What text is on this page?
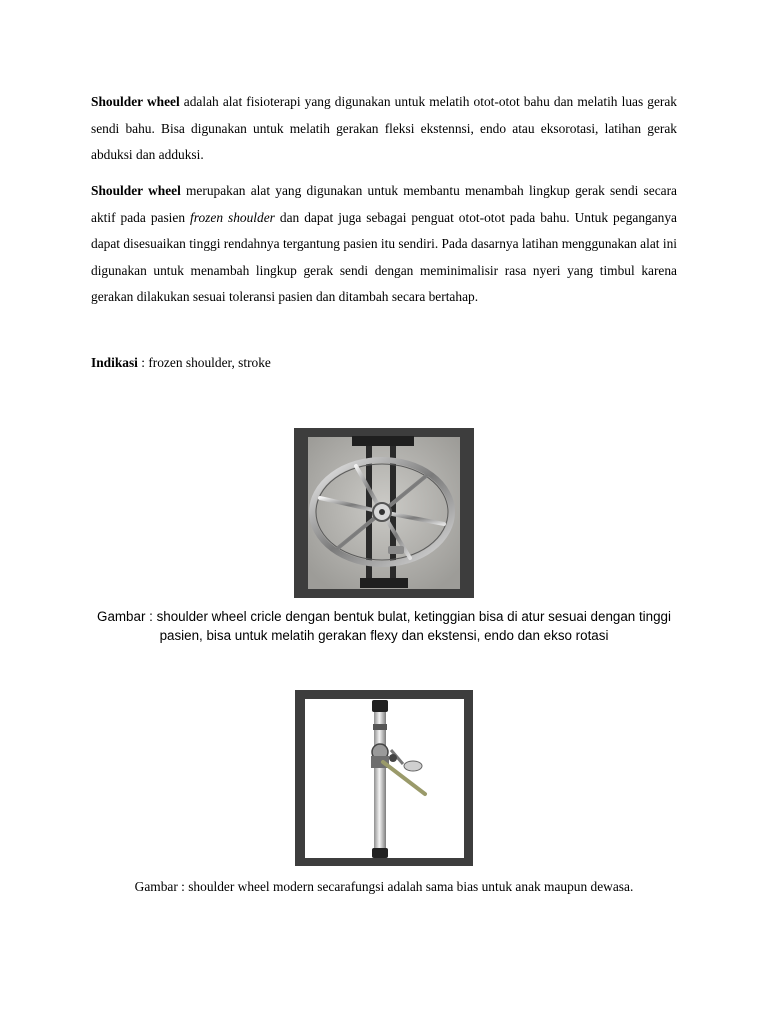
Shoulder wheel adalah alat fisioterapi yang digunakan untuk melatih otot-otot bahu dan melatih luas gerak sendi bahu. Bisa digunakan untuk melatih gerakan fleksi ekstennsi, endo atau eksorotasi, latihan gerak abduksi dan adduksi.

Shoulder wheel merupakan alat yang digunakan untuk membantu menambah lingkup gerak sendi secara aktif pada pasien frozen shoulder dan dapat juga sebagai penguat otot-otot pada bahu. Untuk peganganya dapat disesuaikan tinggi rendahnya tergantung pasien itu sendiri. Pada dasarnya latihan menggunakan alat ini digunakan untuk menambah lingkup gerak sendi dengan meminimalisir rasa nyeri yang timbul karena gerakan dilakukan sesuai toleransi pasien dan ditambah secara bertahap.

Indikasi : frozen shoulder, stroke

Gambar : shoulder wheel cricle dengan bentuk bulat, ketinggian bisa di atur sesuai dengan tinggi
pasien, bisa untuk melatih gerakan flexy dan ekstensi, endo dan ekso rotasi

Gambar : shoulder wheel modern secarafungsi adalah sama bias untuk anak maupun dewasa.
